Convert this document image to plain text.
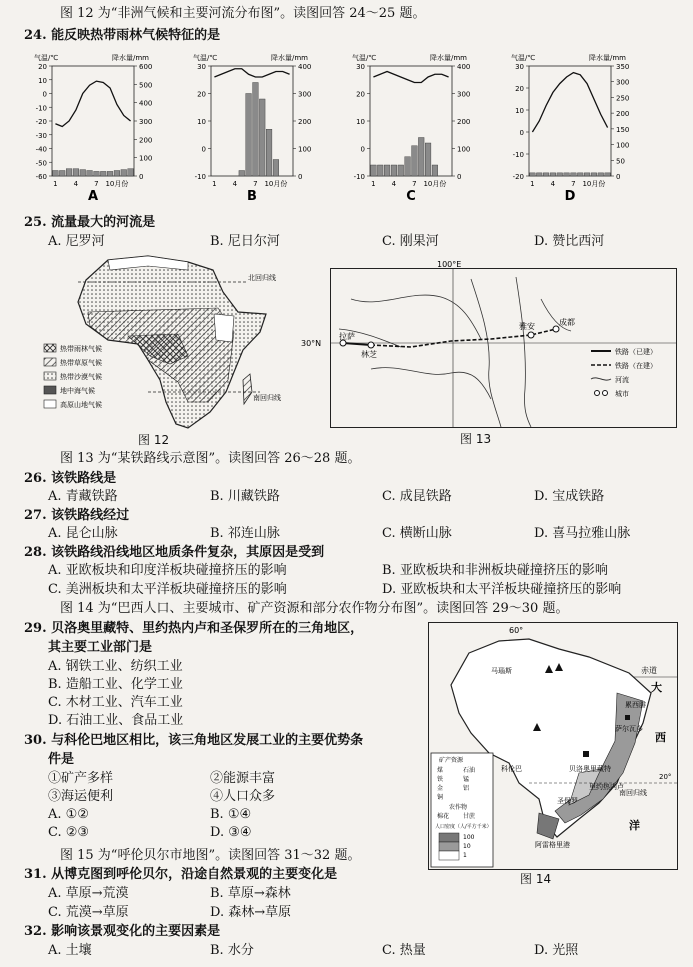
图 12 为“非洲气候和主要河流分布图”。读图回答 24～25 题。
24. 能反映热带雨林气候特征的是
气温/℃	降水量/mm
20
10
0
-10
-20
-30
-40
-50
-60
600
500
400
300
200
100
0
1 4 7 10月份
A
气温/℃	降水量/mm
30
20
10
0
-10
400
300
200
100
0
1 4 7 10月份
B
气温/℃	降水量/mm
30
20
10
0
-10
400
300
200
100
0
1 4 7 10月份
C
气温/℃	降水量/mm
30
20
10
0
-10
-20
350
300
250
200
150
100
50
0
1 4 7 10月份
D
25. 流量最大的河流是
A. 尼罗河	B. 尼日尔河	C. 刚果河	D. 赞比西河
北回归线
南回归线
热带雨林气候
热带草原气候
热带沙漠气候
地中海气候
高原山地气候
图 12
100°E
30°N
拉萨
林芝
雅安	成都
铁路（已建）
铁路（在建）
河流
城市
图 13
图 13 为“某铁路线示意图”。读图回答 26～28 题。
26. 该铁路线是
A. 青藏铁路	B. 川藏铁路	C. 成昆铁路	D. 宝成铁路
27. 该铁路线经过
A. 昆仑山脉	B. 祁连山脉	C. 横断山脉	D. 喜马拉雅山脉
28. 该铁路线沿线地区地质条件复杂，其原因是受到
A. 亚欧板块和印度洋板块碰撞挤压的影响	B. 亚欧板块和非洲板块碰撞挤压的影响
C. 美洲板块和太平洋板块碰撞挤压的影响	D. 亚欧板块和太平洋板块碰撞挤压的影响
图 14 为“巴西人口、主要城市、矿产资源和部分农作物分布图”。读图回答 29～30 题。
29. 贝洛奥里藏特、里约热内卢和圣保罗所在的三角地区，
其主要工业部门是
A. 钢铁工业、纺织工业
B. 造船工业、化学工业
C. 木材工业、汽车工业
D. 石油工业、食品工业
30. 与科伦巴地区相比，该三角地区发展工业的主要优势条
件是
①矿产多样	②能源丰富
③海运便利	④人口众多
A. ①②	B. ①④
C. ②③	D. ③④
60°
赤道
20°
南回归线
大
西
洋
科伦巴
马瑙斯
累西腓
萨尔瓦多
贝洛奥里藏特
里约热内卢
圣保罗
阿雷格里港
矿产资源
煤	石油
铁	锰
金	铝
铜
农作物
棉花 甘蔗
人口密度（人/平方千米）
100
10
1
图 14
图 15 为“呼伦贝尔市地图”。读图回答 31～32 题。
31. 从博克图到呼伦贝尔，沿途自然景观的主要变化是
A. 草原→荒漠	B. 草原→森林
C. 荒漠→草原	D. 森林→草原
32. 影响该景观变化的主要因素是
A. 土壤	B. 水分	C. 热量	D. 光照
